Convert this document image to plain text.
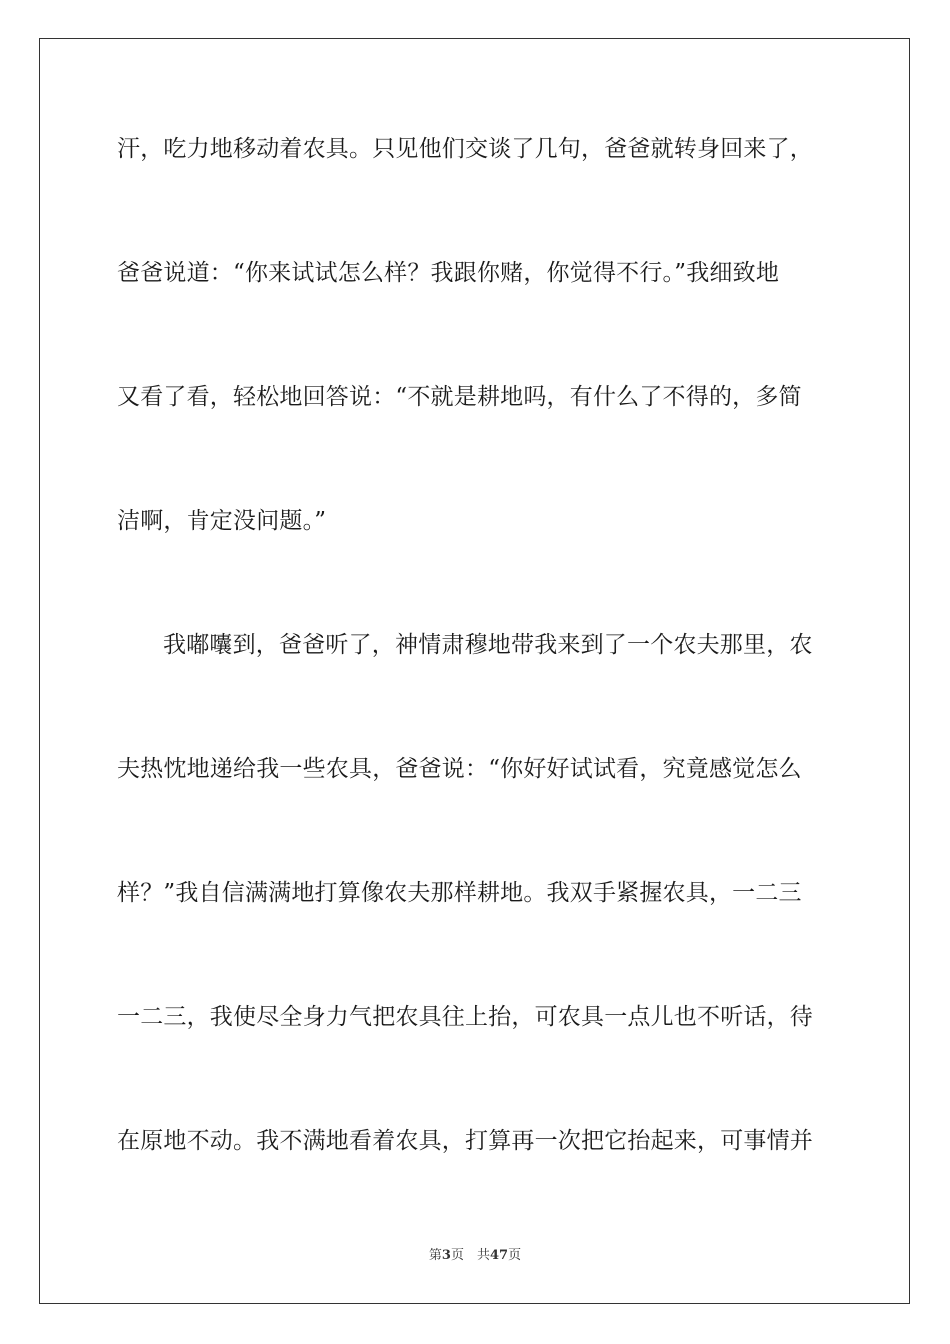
汗，吃力地移动着农具。只见他们交谈了几句，爸爸就转身回来了，
爸爸说道：“你来试试怎么样？我跟你赌，你觉得不行。”我细致地
又看了看，轻松地回答说：“不就是耕地吗，有什么了不得的，多简
洁啊，肯定没问题。”
我嘟囔到，爸爸听了，神情肃穆地带我来到了一个农夫那里，农
夫热忱地递给我一些农具，爸爸说：“你好好试试看，究竟感觉怎么
样？”我自信满满地打算像农夫那样耕地。我双手紧握农具，一二三
一二三，我使尽全身力气把农具往上抬，可农具一点儿也不听话，待
在原地不动。我不满地看着农具，打算再一次把它抬起来，可事情并
第3页　共47页
